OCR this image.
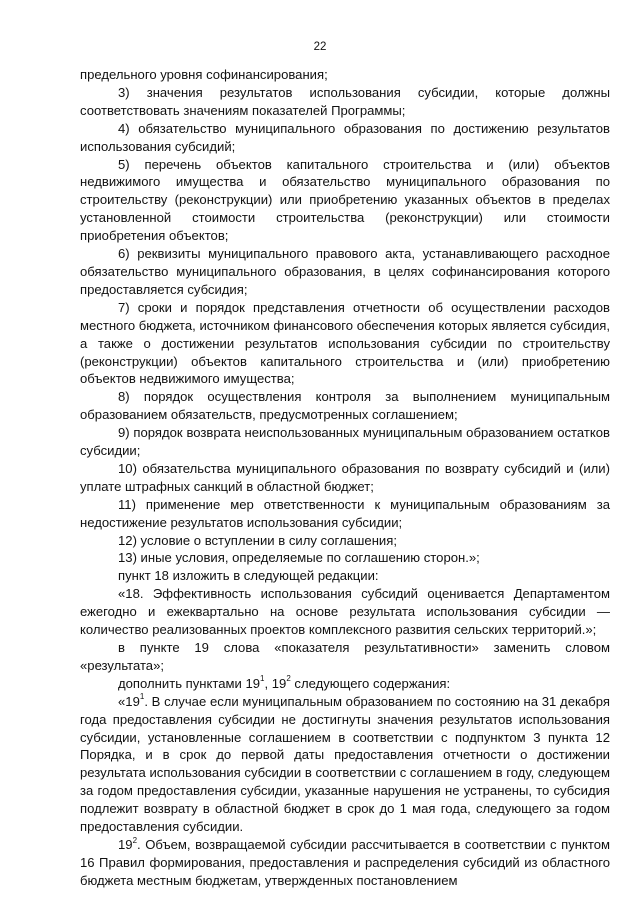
22

предельного уровня софинансирования;

3) значения результатов использования субсидии, которые должны соответствовать значениям показателей Программы;

4) обязательство муниципального образования по достижению результатов использования субсидий;

5) перечень объектов капитального строительства и (или) объектов недвижимого имущества и обязательство муниципального образования по строительству (реконструкции) или приобретению указанных объектов в пределах установленной стоимости строительства (реконструкции) или стоимости приобретения объектов;

6) реквизиты муниципального правового акта, устанавливающего расходное обязательство муниципального образования, в целях софинансирования которого предоставляется субсидия;

7) сроки и порядок представления отчетности об осуществлении расходов местного бюджета, источником финансового обеспечения которых является субсидия, а также о достижении результатов использования субсидии по строительству (реконструкции) объектов капитального строительства и (или) приобретению объектов недвижимого имущества;

8) порядок осуществления контроля за выполнением муниципальным образованием обязательств, предусмотренных соглашением;

9) порядок возврата неиспользованных муниципальным образованием остатков субсидии;

10) обязательства муниципального образования по возврату субсидий и (или) уплате штрафных санкций в областной бюджет;

11) применение мер ответственности к муниципальным образованиям за недостижение результатов использования субсидии;

12) условие о вступлении в силу соглашения;

13) иные условия, определяемые по соглашению сторон.»;

пункт 18 изложить в следующей редакции:

«18. Эффективность использования субсидий оценивается Департаментом ежегодно и ежеквартально на основе результата использования субсидии — количество реализованных проектов комплексного развития сельских территорий.»;

в пункте 19 слова «показателя результативности» заменить словом «результата»;

дополнить пунктами $19^1$, $19^2$ следующего содержания:

«$19^1$. В случае если муниципальным образованием по состоянию на 31 декабря года предоставления субсидии не достигнуты значения результатов использования субсидии, установленные соглашением в соответствии с подпунктом 3 пункта 12 Порядка, и в срок до первой даты предоставления отчетности о достижении результата использования субсидии в соответствии с соглашением в году, следующем за годом предоставления субсидии, указанные нарушения не устранены, то субсидия подлежит возврату в областной бюджет в срок до 1 мая года, следующего за годом предоставления субсидии.

$19^2$. Объем, возвращаемой субсидии рассчитывается в соответствии с пунктом 16 Правил формирования, предоставления и распределения субсидий из областного бюджета местным бюджетам, утвержденных постановлением
